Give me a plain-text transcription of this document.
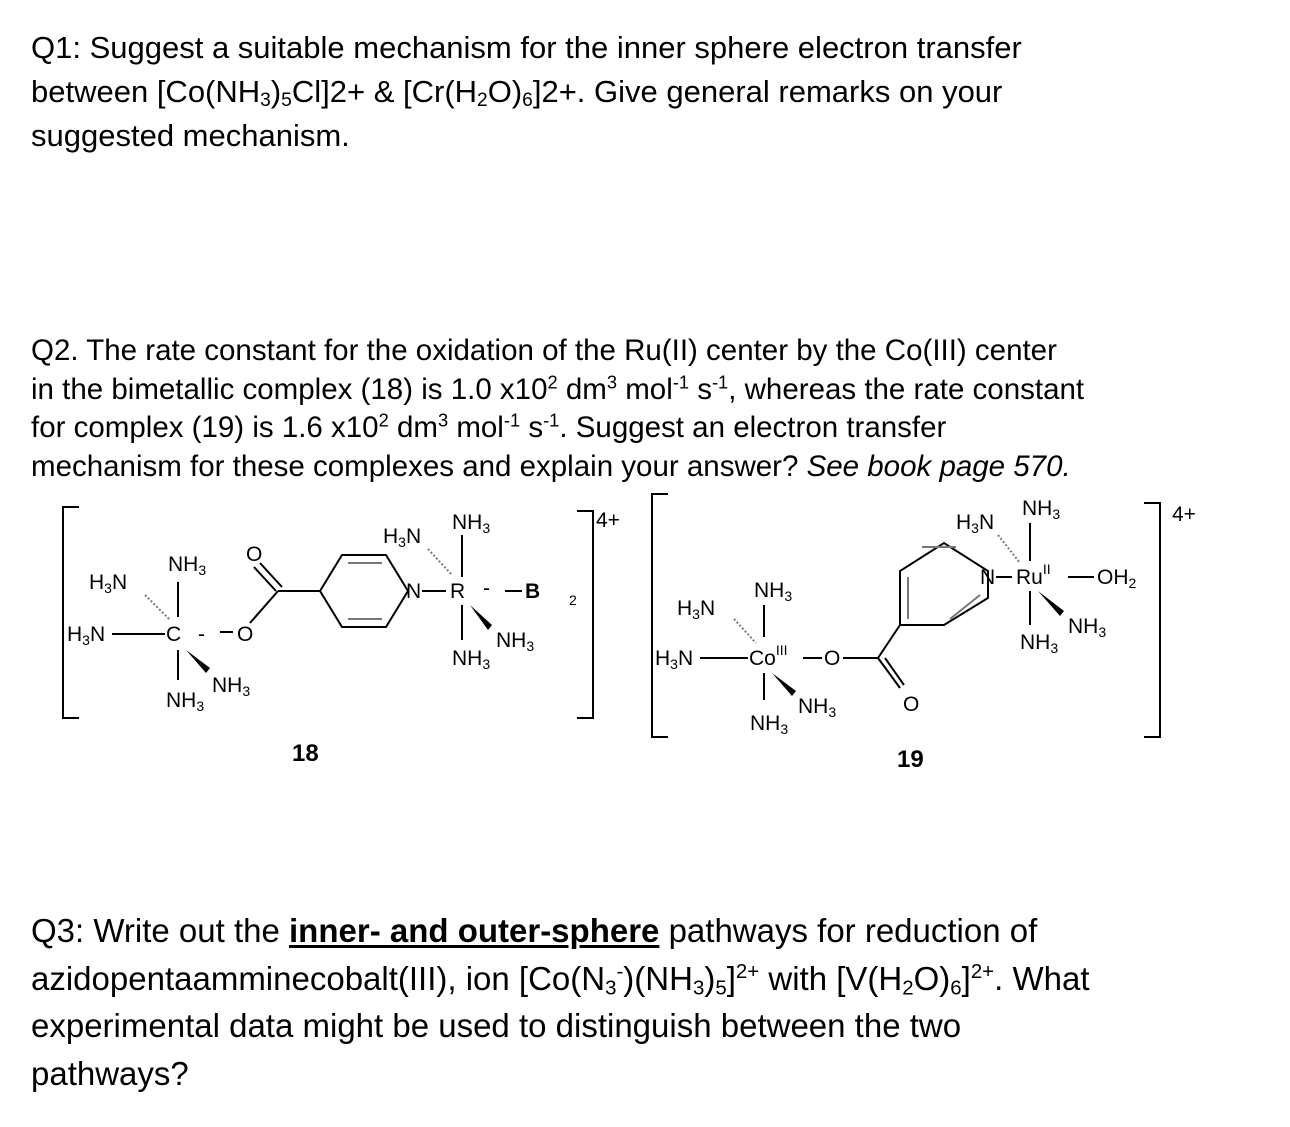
Q1: Suggest a suitable mechanism for the inner sphere electron transfer
between $[Co(NH_3)_5Cl]2+$ & $[Cr(H_2O)_6]2+$. Give general remarks on your
suggested mechanism.
Q2. The rate constant for the oxidation of the Ru(II) center by the Co(III) center
in the bimetallic complex (18) is 1.0 $x10^2$ $dm^3$ mol$^{-1}$ $s^{-1}$, whereas the rate constant
for complex (19) is 1.6 $x10^2$ $dm^3$ mol$^{-1}$ $s^{-1}$. Suggest an electron transfer
mechanism for these complexes and explain your answer? See book page 570.
4+
NH3
H3N
H3N	C - O
NH3
NH3
O
H3N
NH3
N R - B 2
NH3
NH3
18
4+
NH3
H3N
H3N	$Co^{III}$ O
NH3
NH3
O
H3N
NH3
N $Ru^{II}$ OH2
NH3
NH3
19
Q3: Write out the inner- and outer-sphere pathways for reduction of
azidopentaamminecobalt(III), ion $[Co(N_3^-)(NH_3)_5]^{2+}$ with $[V(H_2O)_6]^{2+}$. What
experimental data might be used to distinguish between the two
pathways?
